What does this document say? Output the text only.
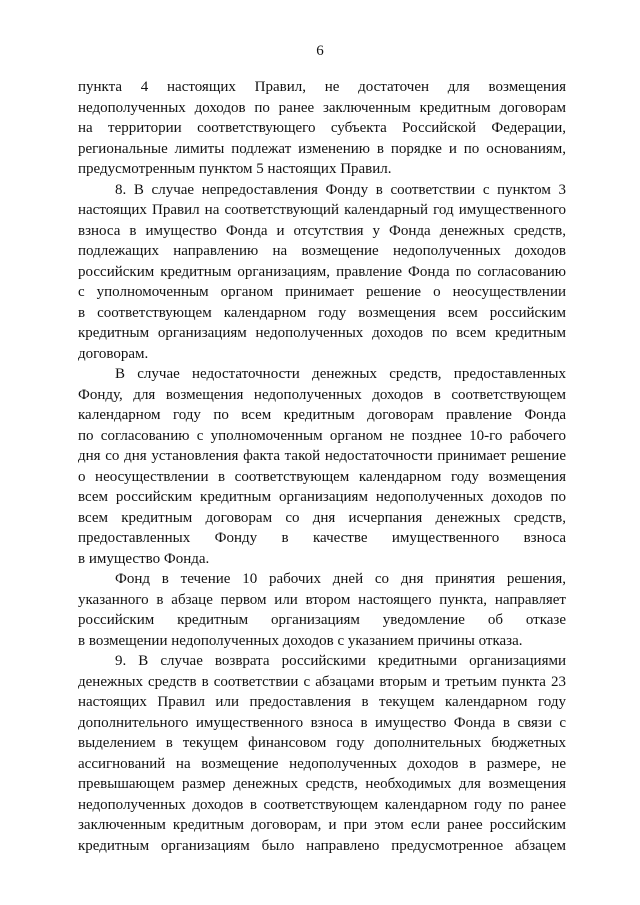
6
пункта 4 настоящих Правил, не достаточен для возмещения
недополученных доходов по ранее заключенным кредитным договорам
на территории соответствующего субъекта Российской Федерации,
региональные лимиты подлежат изменению в порядке и по основаниям,
предусмотренным пунктом 5 настоящих Правил.
8. В случае непредоставления Фонду в соответствии с пунктом 3
настоящих Правил на соответствующий календарный год имущественного
взноса в имущество Фонда и отсутствия у Фонда денежных средств,
подлежащих направлению на возмещение недополученных доходов
российским кредитным организациям, правление Фонда по согласованию
с уполномоченным органом принимает решение о неосуществлении
в соответствующем календарном году возмещения всем российским
кредитным организациям недополученных доходов по всем кредитным
договорам.
В случае недостаточности денежных средств, предоставленных
Фонду, для возмещения недополученных доходов в соответствующем
календарном году по всем кредитным договорам правление Фонда
по согласованию с уполномоченным органом не позднее 10-го рабочего
дня со дня установления факта такой недостаточности принимает решение
о неосуществлении в соответствующем календарном году возмещения
всем российским кредитным организациям недополученных доходов по
всем кредитным договорам со дня исчерпания денежных средств,
предоставленных Фонду в качестве имущественного взноса
в имущество Фонда.
Фонд в течение 10 рабочих дней со дня принятия решения,
указанного в абзаце первом или втором настоящего пункта, направляет
российским кредитным организациям уведомление об отказе
в возмещении недополученных доходов с указанием причины отказа.
9. В случае возврата российскими кредитными организациями
денежных средств в соответствии с абзацами вторым и третьим пункта 23
настоящих Правил или предоставления в текущем календарном году
дополнительного имущественного взноса в имущество Фонда в связи с
выделением в текущем финансовом году дополнительных бюджетных
ассигнований на возмещение недополученных доходов в размере, не
превышающем размер денежных средств, необходимых для возмещения
недополученных доходов в соответствующем календарном году по ранее
заключенным кредитным договорам, и при этом если ранее российским
кредитным организациям было направлено предусмотренное абзацем
